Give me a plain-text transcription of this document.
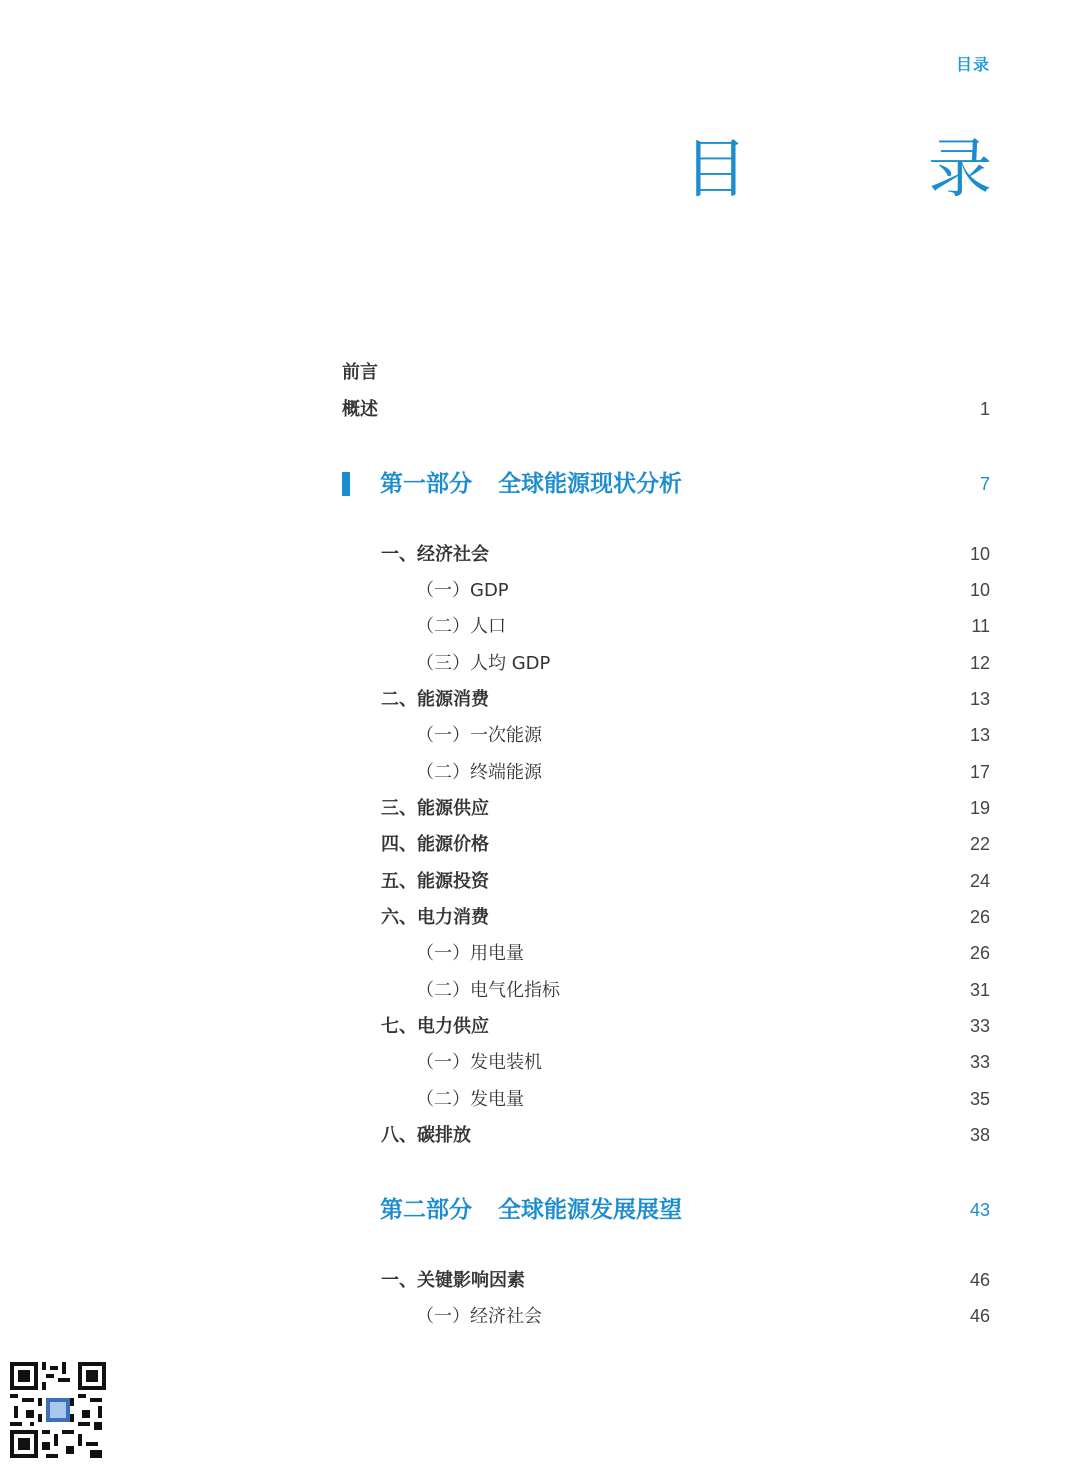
目录
目 录
前言
概述	1
第一部分 全球能源现状分析	7
一、经济社会	10
（一）GDP	10
（二）人口	11
（三）人均 GDP	12
二、能源消费	13
（一）一次能源	13
（二）终端能源	17
三、能源供应	19
四、能源价格	22
五、能源投资	24
六、电力消费	26
（一）用电量	26
（二）电气化指标	31
七、电力供应	33
（一）发电装机	33
（二）发电量	35
八、碳排放	38
第二部分 全球能源发展展望	43
一、关键影响因素	46
（一）经济社会	46
